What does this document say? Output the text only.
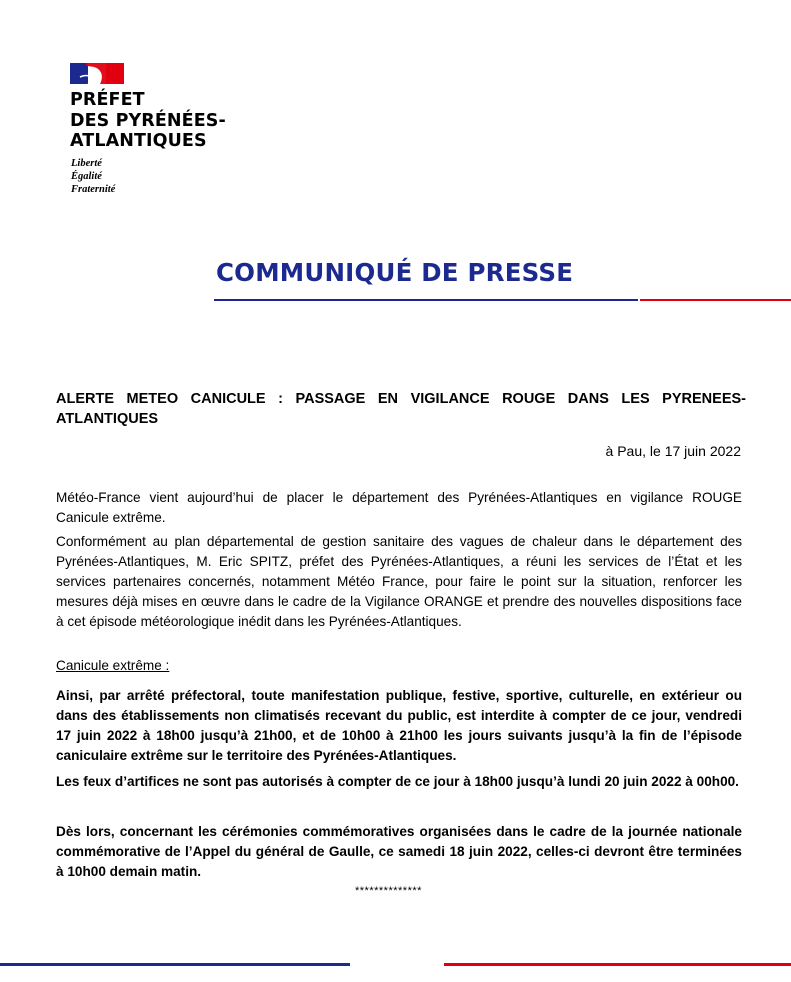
PRÉFET
DES PYRÉNÉES-
ATLANTIQUES
Liberté
Égalité
Fraternité
COMMUNIQUÉ DE PRESSE
ALERTE METEO CANICULE : PASSAGE EN VIGILANCE ROUGE DANS LES PYRENEES-ATLANTIQUES
à Pau, le 17 juin 2022

Météo-France vient aujourd’hui de placer le département des Pyrénées-Atlantiques en vigilance ROUGE Canicule extrême.

Conformément au plan départemental de gestion sanitaire des vagues de chaleur dans le département des Pyrénées-Atlantiques, M. Eric SPITZ, préfet des Pyrénées-Atlantiques, a réuni les services de l’État et les services partenaires concernés, notamment Météo France, pour faire le point sur la situation, renforcer les mesures déjà mises en œuvre dans le cadre de la Vigilance ORANGE et prendre des nouvelles dispositions face à cet épisode météorologique inédit dans les Pyrénées-Atlantiques.

Canicule extrême :

Ainsi, par arrêté préfectoral, toute manifestation publique, festive, sportive, culturelle, en extérieur ou dans des établissements non climatisés recevant du public, est interdite à compter de ce jour, vendredi 17 juin 2022 à 18h00 jusqu’à 21h00, et de 10h00 à 21h00 les jours suivants jusqu’à la fin de l’épisode caniculaire extrême sur le territoire des Pyrénées-Atlantiques.

Les feux d’artifices ne sont pas autorisés à compter de ce jour à 18h00 jusqu’à lundi 20 juin 2022 à 00h00.

Dès lors, concernant les cérémonies commémoratives organisées dans le cadre de la journée nationale commémorative de l’Appel du général de Gaulle, ce samedi 18 juin 2022, celles-ci devront être terminées à 10h00 demain matin.

**************
